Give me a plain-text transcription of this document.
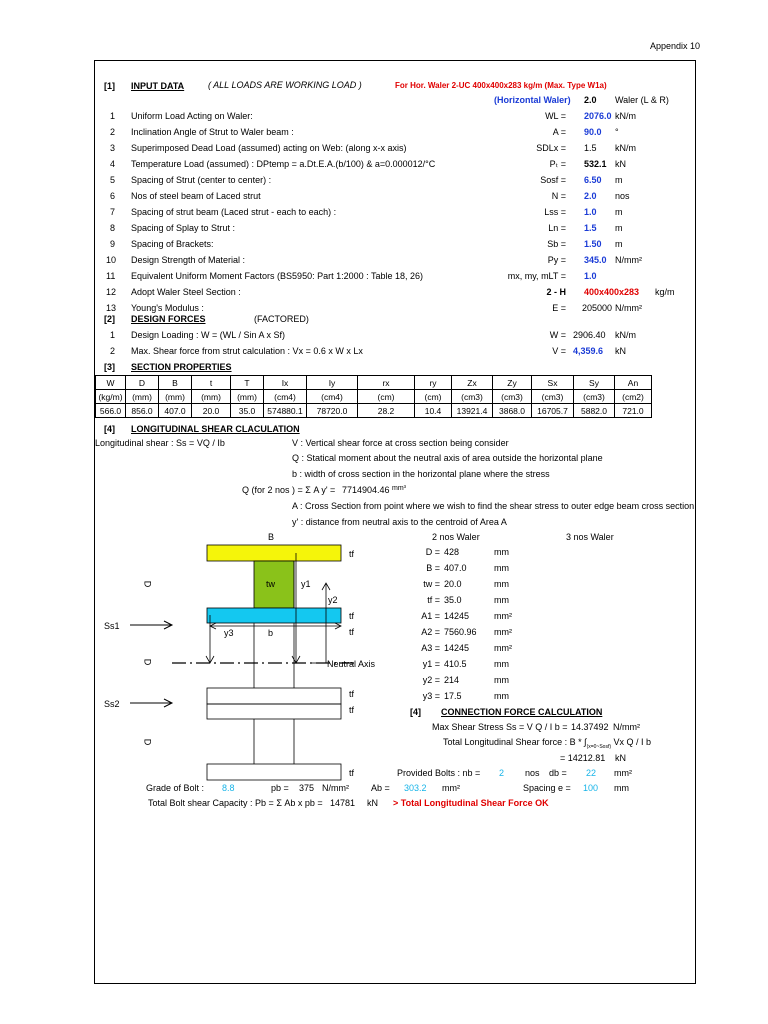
Appendix 10
[1] INPUT DATA	( ALL LOADS ARE WORKING LOAD )	For Hor. Waler 2-UC 400x400x283 kg/m (Max. Type W1a)
(Horizontal Waler) 2.0 Waler (L & R)
1 Uniform Load Acting on Waler:	WL = 2076.0 kN/m
2 Inclination Angle of Strut to Waler beam :	A = 90.0 °
3 Superimposed Dead Load (assumed) acting on Web: (along x-x axis)	SDLx = 1.5 kN/m
4 Temperature Load (assumed) : DPtemp = a.Dt.E.A.(b/100) & a=0.000012/°C	Pₜ = 532.1 kN
5 Spacing of Strut (center to center) :	Sosf = 6.50 m
6 Nos of steel beam of Laced strut	N = 2.0 nos
7 Spacing of strut beam (Laced strut - each to each) :	Lss = 1.0 m
8 Spacing of Splay to Strut :	Ln = 1.5 m
9 Spacing of Brackets:	Sb = 1.50 m
10 Design Strength of Material :	Py = 345.0 N/mm²
11 Equivalent Uniform Moment Factors (BS5950: Part 1:2000 : Table 18, 26)	mx, my, mLT = 1.0
12 Adopt Waler Steel Section :	2 - H 400x400x283 kg/m
13 Young's Modulus :	E = 205000 N/mm²
[2] DESIGN FORCES	(FACTORED)
1 Design Loading : W = (WL / Sin A x Sf)	W = 2906.40 kN/m
2 Max. Shear force from strut calculation : Vx = 0.6 x W x Lx	V = 4,359.6 kN
[3] SECTION PROPERTIES
W	D	B	t	T	Ix	Iy	rx	ry	Zx	Zy	Sx	Sy	An
(kg/m)	(mm)	(mm)	(mm)	(mm)	(cm4)	(cm4)	(cm)	(cm)	(cm3)	(cm3)	(cm3)	(cm3)	(cm2)
566.0	856.0	407.0	20.0	35.0	574880.1	78720.0	28.2	10.4	13921.4	3868.0	16705.7	5882.0	721.0
[4] LONGITUDINAL SHEAR CLACULATION
Longitudinal shear : Ss = VQ / Ib	V : Vertical shear force at cross section being consider
Q : Statical moment about the neutral axis of area outside the horizontal plane
b : width of cross section in the horizontal plane where the stress
Q (for 2 nos ) = Σ A y' = 7714904.46 mm³
A : Cross Section from point where we wish to find the shear stress to outer edge beam cross section
y' : distance from neutral axis to the centroid of Area A
B
tf
tw	y1
y2
tf
tf
y3	b
D
D
D
Ss1
Ss2
Neutral Axis
tf
tf
tf
2 nos Waler	3 nos Waler
D = 428	mm
B = 407.0	mm
tw = 20.0	mm
tf = 35.0	mm
A1 = 14245	mm²
A2 = 7560.96 mm²
A3 = 14245	mm²
y1 = 410.5	mm
y2 = 214	mm
y3 = 17.5	mm
[4] CONNECTION FORCE CALCULATION
Max Shear Stress Ss = V Q / I b = 14.37492 N/mm²
Total Longitudinal Shear force : B * $\int_{(x=0\sim Sosf)}$ Vx Q / I b
= 14212.81 kN
Provided Bolts : nb = 2 nos db = 22 mm²
Grade of Bolt : 8.8	pb = 375 N/mm² Ab = 303.2 mm²	Spacing e = 100 mm
Total Bolt shear Capacity : Pb = Σ Ab x pb = 14781 kN > Total Longitudinal Shear Force OK
